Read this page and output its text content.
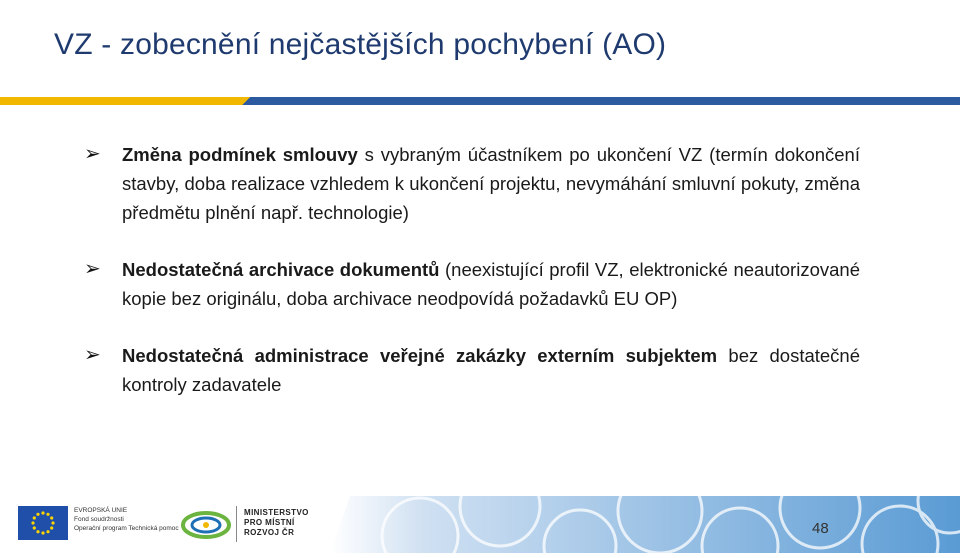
VZ - zobecnění nejčastějších pochybení (AO)
➢ Změna podmínek smlouvy s vybraným účastníkem po ukončení VZ (termín dokončení stavby, doba realizace vzhledem k ukončení projektu, nevymáhání smluvní pokuty, změna předmětu plnění např. technologie)
➢ Nedostatečná archivace dokumentů (neexistující profil VZ, elektronické neautorizované kopie bez originálu, doba archivace neodpovídá požadavků EU OP)
➢ Nedostatečná administrace veřejné zakázky externím subjektem bez dostatečné kontroly zadavatele
EVROPSKÁ UNIE
Fond soudržnosti
Operační program Technická pomoc
MINISTERSTVO
PRO MÍSTNÍ
ROZVOJ ČR	48
